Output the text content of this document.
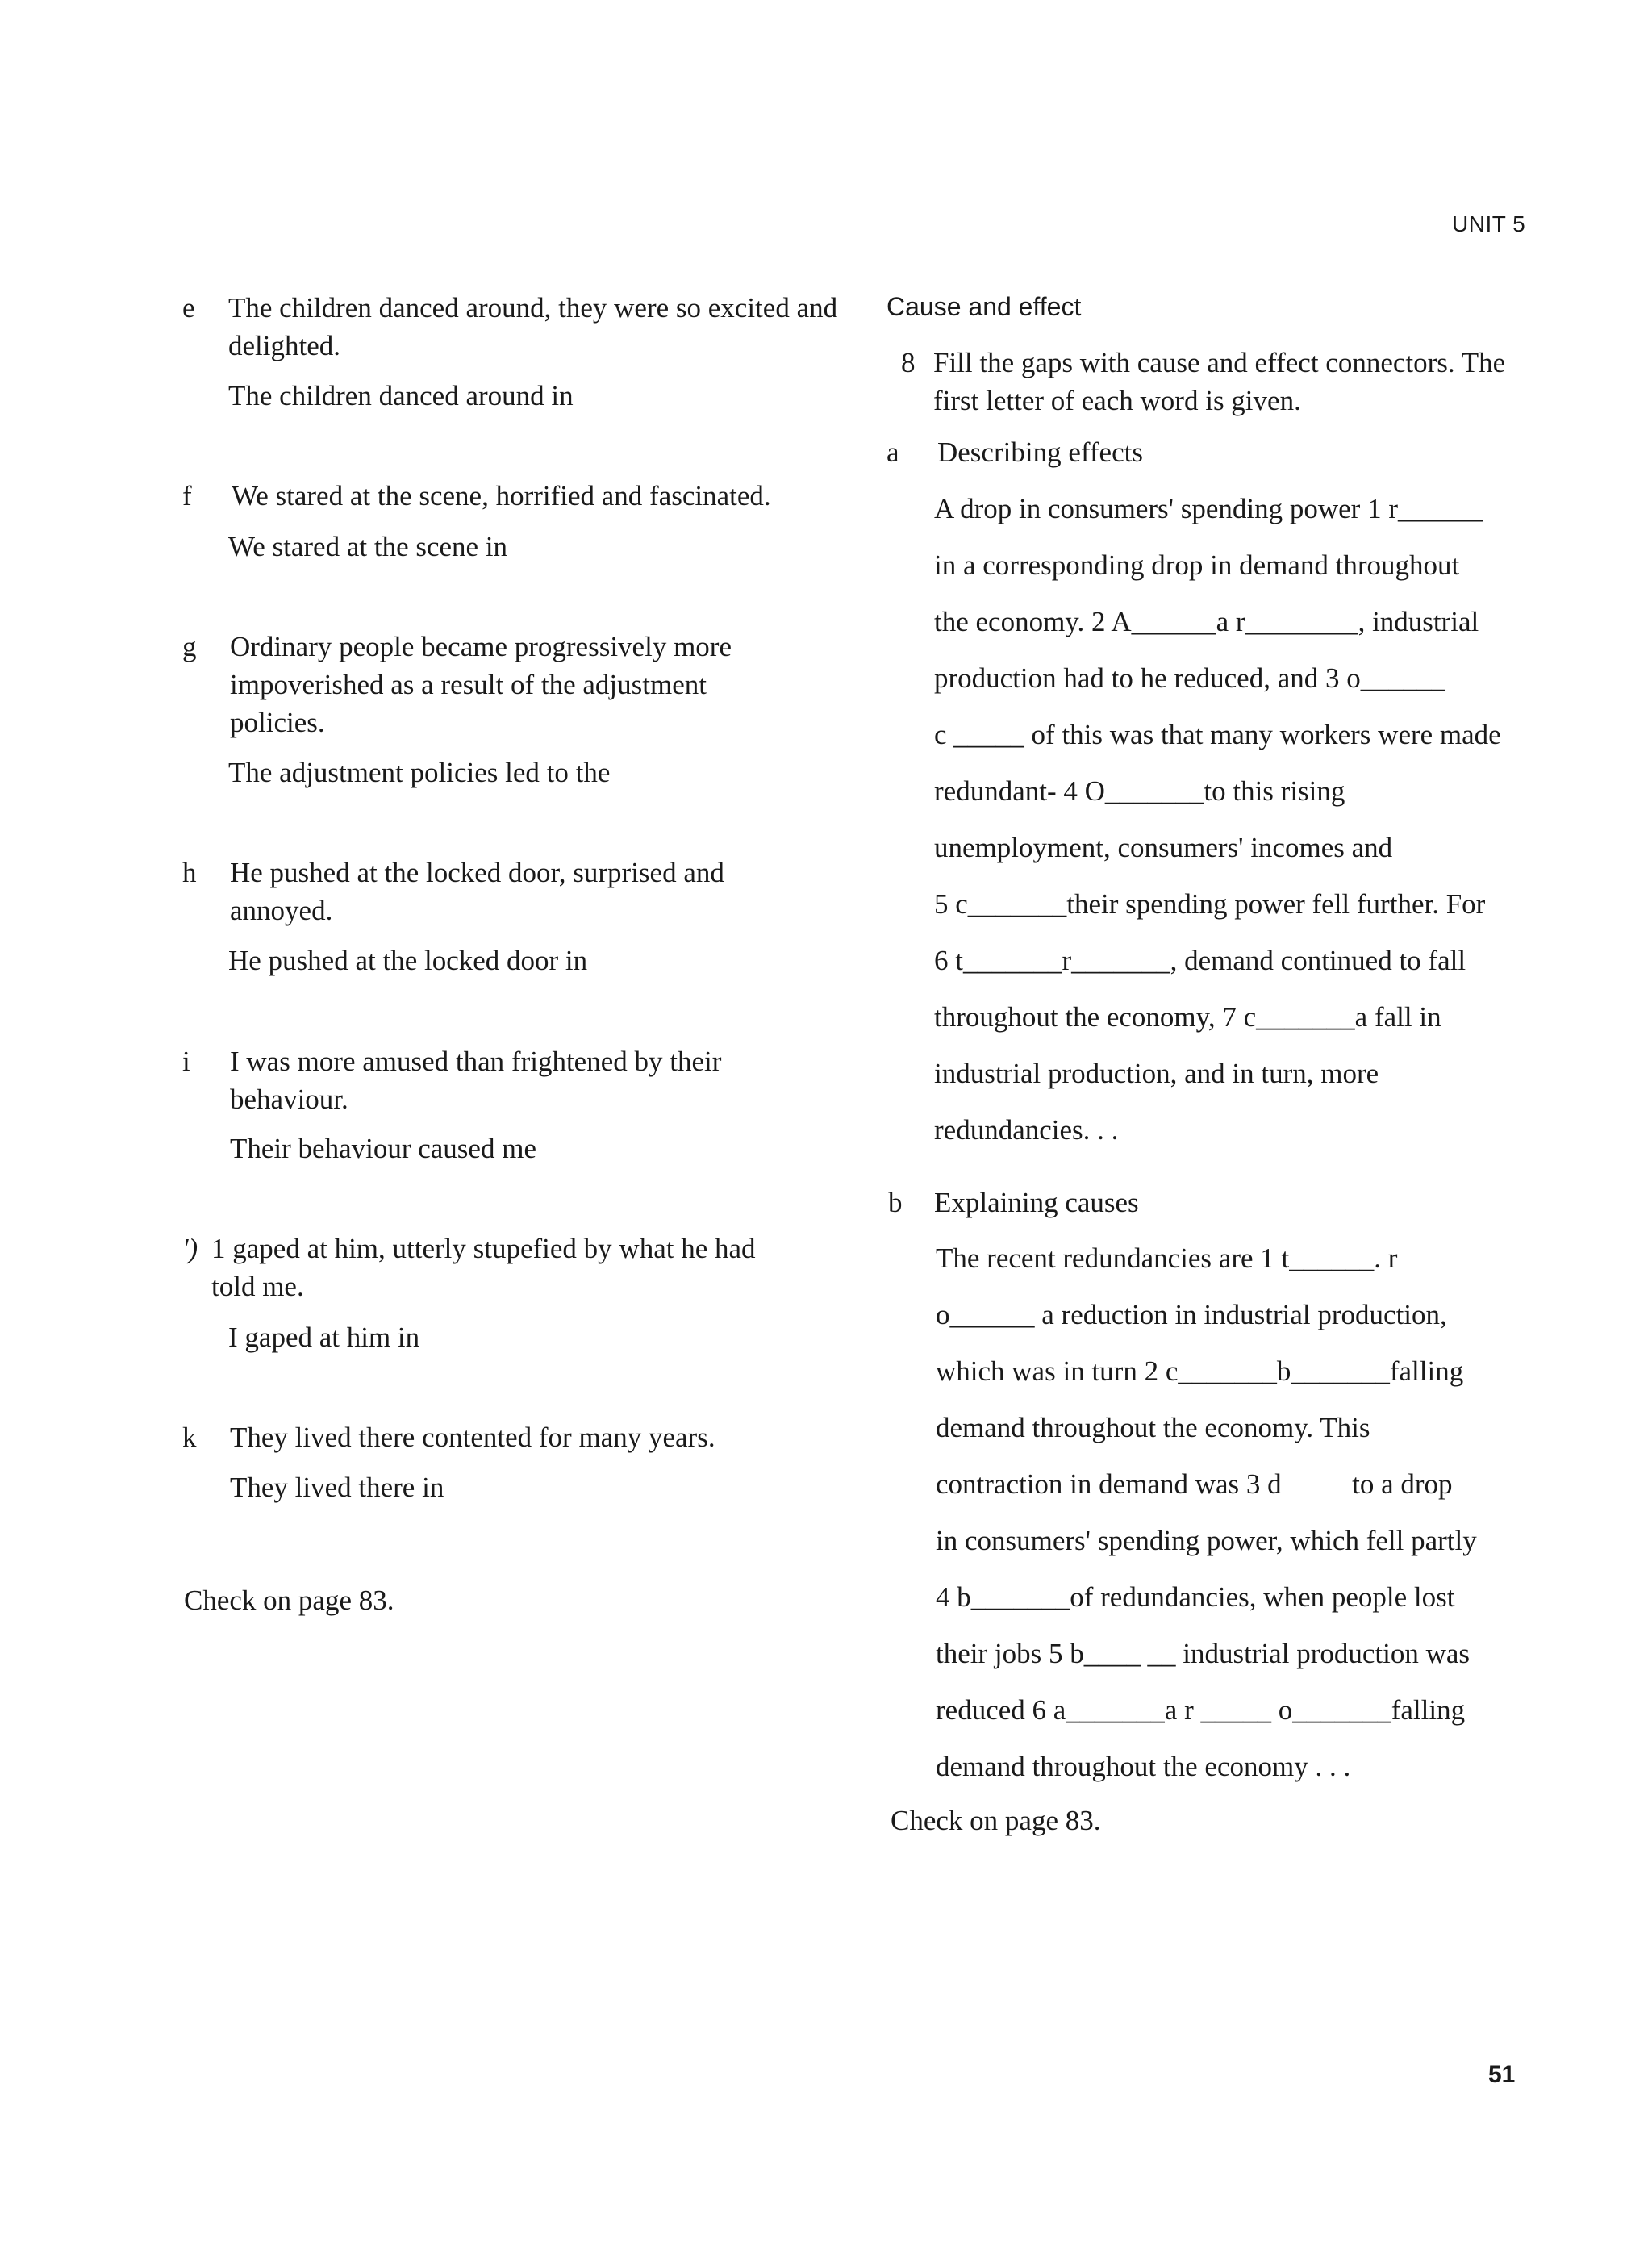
UNIT 5
e	The children danced around, they were so excited and delighted.
The children danced around in
f	We stared at the scene, horrified and fascinated.
We stared at the scene in
g	Ordinary people became progressively more impoverished as a result of the adjustment policies.
The adjustment policies led to the
h	He pushed at the locked door, surprised and annoyed.
He pushed at the locked door in
i	I was more amused than frightened by their behaviour.
Their behaviour caused me
') 1 gaped at him, utterly stupefied by what he had told me.
I gaped at him in
k	They lived there contented for many years.
They lived there in
Check on page 83.
Cause and effect
8 Fill the gaps with cause and effect connectors. The first letter of each word is given.
a Describing effects
A drop in consumers' spending power 1 r______
in a corresponding drop in demand throughout
the economy. 2 A______a r________, industrial
production had to he reduced, and 3 o______
c _____ of this was that many workers were made
redundant- 4 O_______to this rising
unemployment, consumers' incomes and
5 c_______their spending power fell further. For
6 t_______r_______, demand continued to fall
throughout the economy, 7 c_______a fall in
industrial production, and in turn, more
redundancies. . .
b Explaining causes
The recent redundancies are 1 t______. r
o______ a reduction in industrial production,
which was in turn 2 c_______b_______falling
demand throughout the economy. This
contraction in demand was 3 d          to a drop
in consumers' spending power, which fell partly
4 b_______of redundancies, when people lost
their jobs 5 b____ __ industrial production was
reduced 6 a_______a r _____ o_______falling
demand throughout the economy . . .
Check on page 83.
51
